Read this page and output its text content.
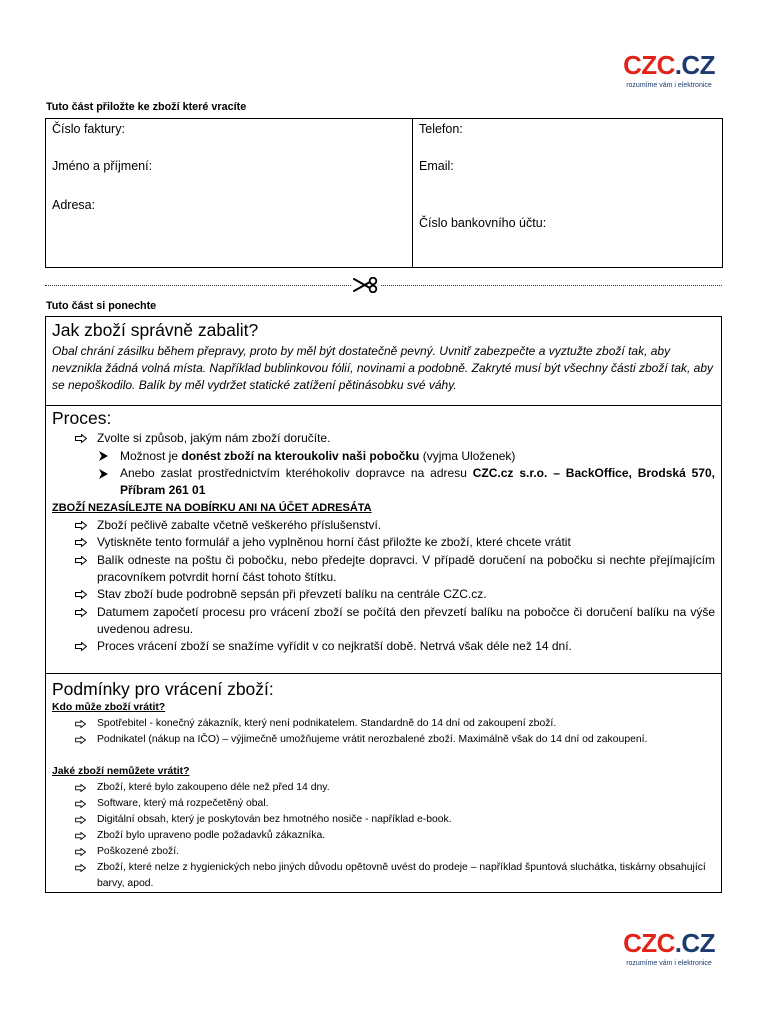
CZC.CZ
rozumíme vám i elektronice
Tuto část přiložte ke zboží které vracíte
Číslo faktury:
Jméno a příjmení:
Adresa:
Telefon:
Email:
Číslo bankovního účtu:
Tuto část si ponechte
Jak zboží správně zabalit?

Obal chrání zásilku během přepravy, proto by měl být dostatečně pevný. Uvnitř zabezpečte a vyztužte zboží tak, aby nevznikla žádná volná místa. Například bublinkovou fólií, novinami a podobně. Zakryté musí být všechny části zboží tak, aby se nepoškodilo. Balík by měl vydržet statické zatížení pětinásobku své váhy.

Proces:
Zvolte si způsob, jakým nám zboží doručíte.
Možnost je donést zboží na kteroukoliv naši pobočku (vyjma Uloženek)
Anebo zaslat prostřednictvím kteréhokoliv dopravce na adresu CZC.cz s.r.o. – BackOffice, Brodská 570, Příbram 261 01
ZBOŽÍ NEZASÍLEJTE NA DOBÍRKU ANI NA ÚČET ADRESÁTA
Zboží pečlivě zabalte včetně veškerého příslušenství.
Vytiskněte tento formulář a jeho vyplněnou horní část přiložte ke zboží, které chcete vrátit
Balík odneste na poštu či pobočku, nebo předejte dopravci. V případě doručení na pobočku si nechte přejímajícím pracovníkem potvrdit horní část tohoto štítku.
Stav zboží bude podrobně sepsán při převzetí balíku na centrále CZC.cz.
Datumem započetí procesu pro vrácení zboží se počítá den převzetí balíku na pobočce či doručení balíku na výše uvedenou adresu.
Proces vrácení zboží se snažíme vyřídit v co nejkratší době. Netrvá však déle než 14 dní.
Podmínky pro vrácení zboží:
Kdo může zboží vrátit?
Spotřebitel - konečný zákazník, který není podnikatelem. Standardně do 14 dní od zakoupení zboží.
Podnikatel (nákup na IČO) – výjimečně umožňujeme vrátit nerozbalené zboží. Maximálně však do 14 dní od zakoupení.
Jaké zboží nemůžete vrátit?
Zboží, které bylo zakoupeno déle než před 14 dny.
Software, který má rozpečetěný obal.
Digitální obsah, který je poskytován bez hmotného nosiče - například e-book.
Zboží bylo upraveno podle požadavků zákazníka.
Poškozené zboží.
Zboží, které nelze z hygienických nebo jiných důvodu opětovně uvést do prodeje – například špuntová sluchátka, tiskárny obsahující barvy, apod.
CZC.CZ
rozumíme vám i elektronice
